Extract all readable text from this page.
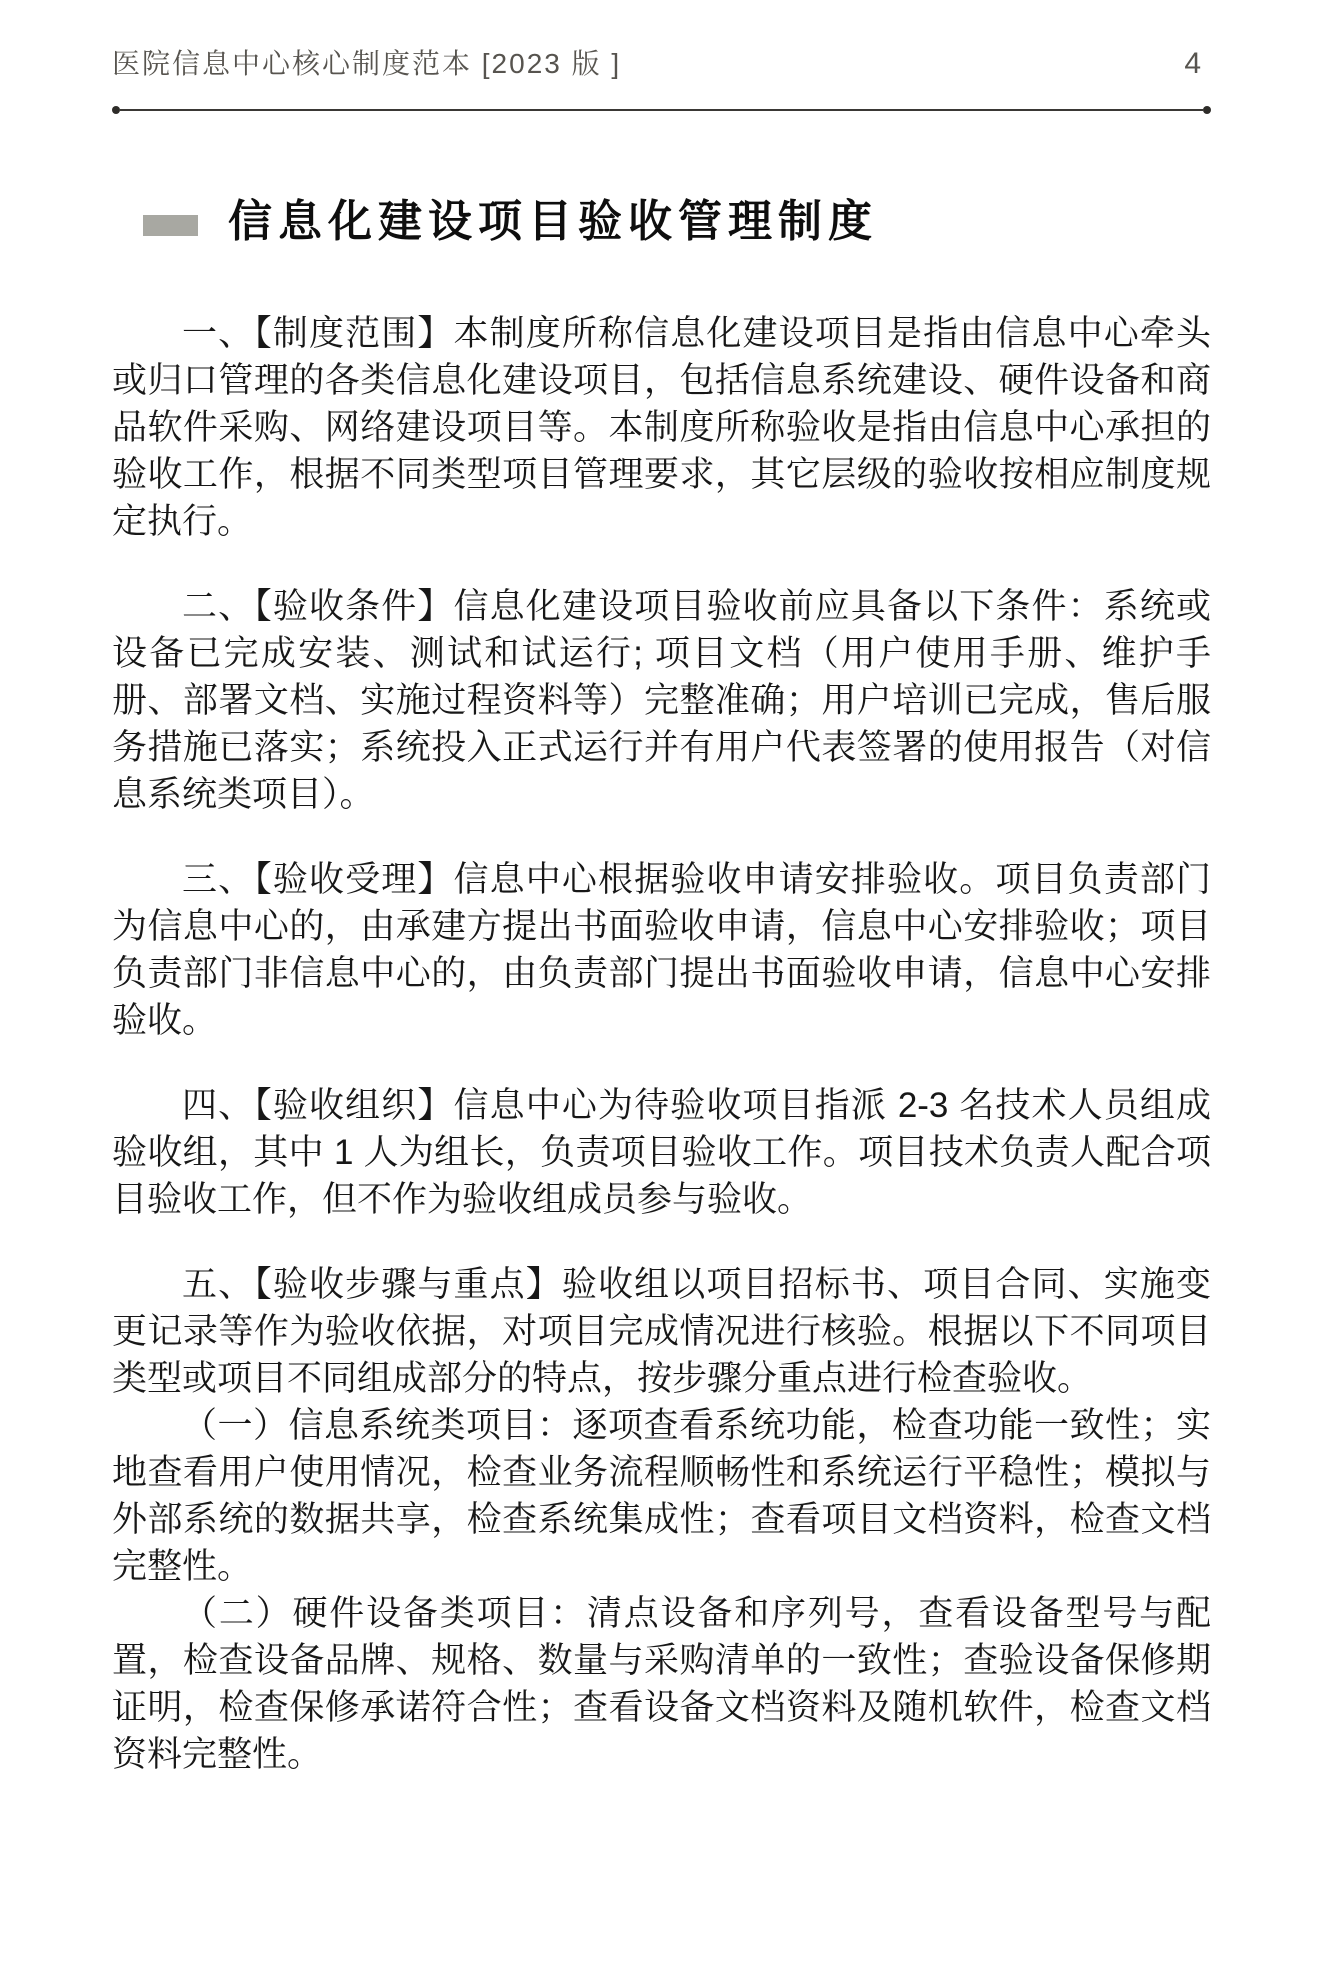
医院信息中心核心制度范本 [2023 版 ]	4
信息化建设项目验收管理制度

一、【制度范围】本制度所称信息化建设项目是指由信息中心牵头或归口管理的各类信息化建设项目，包括信息系统建设、硬件设备和商品软件采购、网络建设项目等。本制度所称验收是指由信息中心承担的验收工作，根据不同类型项目管理要求，其它层级的验收按相应制度规定执行。

二、【验收条件】信息化建设项目验收前应具备以下条件：系统或设备已完成安装、测试和试运行; 项目文档（用户使用手册、维护手册、部署文档、实施过程资料等）完整准确；用户培训已完成，售后服务措施已落实；系统投入正式运行并有用户代表签署的使用报告（对信息系统类项目）。

三、【验收受理】信息中心根据验收申请安排验收。项目负责部门为信息中心的，由承建方提出书面验收申请，信息中心安排验收；项目负责部门非信息中心的，由负责部门提出书面验收申请，信息中心安排验收。

四、【验收组织】信息中心为待验收项目指派 2-3 名技术人员组成验收组，其中 1 人为组长，负责项目验收工作。项目技术负责人配合项目验收工作，但不作为验收组成员参与验收。

五、【验收步骤与重点】验收组以项目招标书、项目合同、实施变更记录等作为验收依据，对项目完成情况进行核验。根据以下不同项目类型或项目不同组成部分的特点，按步骤分重点进行检查验收。

（一）信息系统类项目：逐项查看系统功能，检查功能一致性；实地查看用户使用情况，检查业务流程顺畅性和系统运行平稳性；模拟与外部系统的数据共享，检查系统集成性；查看项目文档资料，检查文档完整性。

（二）硬件设备类项目：清点设备和序列号，查看设备型号与配置，检查设备品牌、规格、数量与采购清单的一致性；查验设备保修期证明，检查保修承诺符合性；查看设备文档资料及随机软件，检查文档资料完整性。
